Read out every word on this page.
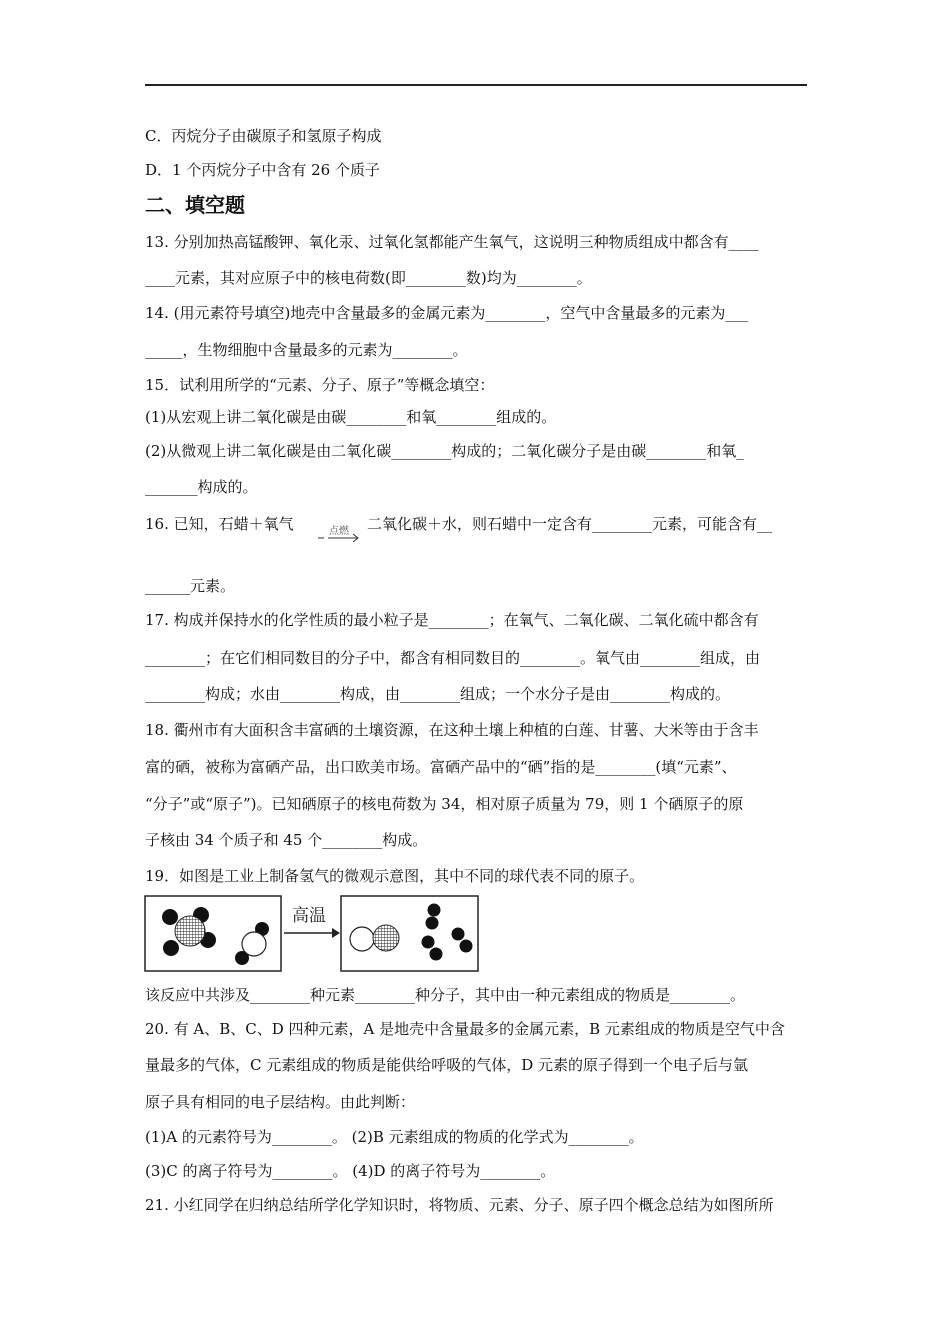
C．丙烷分子由碳原子和氢原子构成
D．1 个丙烷分子中含有 26 个质子
二、填空题
13. 分别加热高锰酸钾、氧化汞、过氧化氢都能产生氧气，这说明三种物质组成中都含有____
____元素，其对应原子中的核电荷数(即________数)均为________。
14. (用元素符号填空)地壳中含量最多的金属元素为________，空气中含量最多的元素为___
_____，生物细胞中含量最多的元素为________。
15．试利用所学的“元素、分子、原子”等概念填空：
(1)从宏观上讲二氧化碳是由碳________和氧________组成的。
(2)从微观上讲二氧化碳是由二氧化碳________构成的；二氧化碳分子是由碳________和氧_
_______构成的。
16. 已知，石蜡＋氧气	点燃 二氧化碳＋水，则石蜡中一定含有________元素，可能含有__
______元素。
17. 构成并保持水的化学性质的最小粒子是________；在氧气、二氧化碳、二氧化硫中都含有
________；在它们相同数目的分子中，都含有相同数目的________。氧气由________组成，由
________构成；水由________构成，由________组成；一个水分子是由________构成的。
18. 衢州市有大面积含丰富硒的土壤资源，在这种土壤上种植的白莲、甘薯、大米等由于含丰
富的硒，被称为富硒产品，出口欧美市场。富硒产品中的“硒”指的是________(填“元素”、
“分子”或“原子”)。已知硒原子的核电荷数为 34，相对原子质量为 79，则 1 个硒原子的原
子核由 34 个质子和 45 个________构成。
19．如图是工业上制备氢气的微观示意图，其中不同的球代表不同的原子。
高温
该反应中共涉及________种元素________种分子，其中由一种元素组成的物质是________。
20. 有 A、B、C、D 四种元素，A 是地壳中含量最多的金属元素，B 元素组成的物质是空气中含
量最多的气体，C 元素组成的物质是能供给呼吸的气体，D 元素的原子得到一个电子后与氩
原子具有相同的电子层结构。由此判断：
(1)A 的元素符号为________。 (2)B 元素组成的物质的化学式为________。
(3)C 的离子符号为________。 (4)D 的离子符号为________。
21. 小红同学在归纳总结所学化学知识时，将物质、元素、分子、原子四个概念总结为如图所所
